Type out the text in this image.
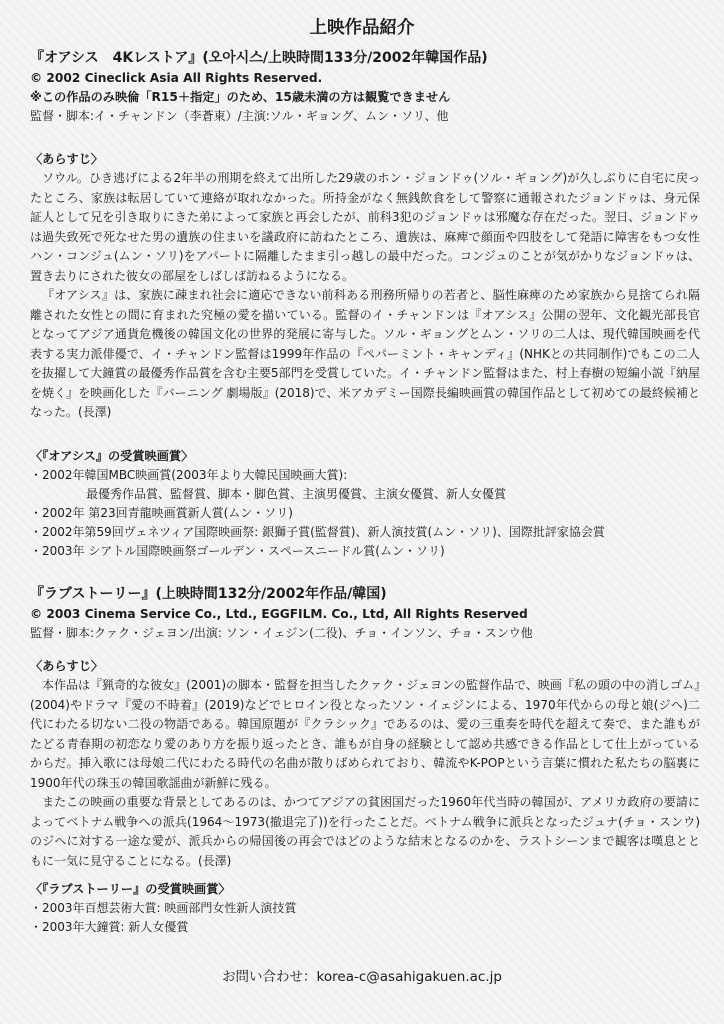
上映作品紹介
『オアシス　4Kレストア』(오아시스/上映時間133分/2002年韓国作品)
© 2002 Cineclick Asia All Rights Reserved.
※この作品のみ映倫「R15＋指定」のため、15歳未満の方は観覧できません
監督・脚本:イ・チャンドン（李蒼東）/主演:ソル・ギョング、ムン・ソリ、他
〈あらすじ〉
ソウル。ひき逃げによる2年半の刑期を終えて出所した29歳のホン・ジョンドゥ(ソル・ギョング)が久しぶりに自宅に戻ったところ、家族は転居していて連絡が取れなかった。所持金がなく無銭飲食をして警察に通報されたジョンドゥは、身元保証人として兄を引き取りにきた弟によって家族と再会したが、前科3犯のジョンドゥは邪魔な存在だった。翌日、ジョンドゥは過失致死で死なせた男の遺族の住まいを議政府に訪ねたところ、遺族は、麻痺で顔面や四肢をして発語に障害をもつ女性ハン・コンジュ(ムン・ソリ)をアパートに隔離したまま引っ越しの最中だった。コンジュのことが気がかりなジョンドゥは、置き去りにされた彼女の部屋をしばしば訪ねるようになる。
『オアシス』は、家族に疎まれ社会に適応できない前科ある刑務所帰りの若者と、脳性麻痺のため家族から見捨てられ隔離された女性との間に育まれた究極の愛を描いている。監督のイ・チャンドンは『オアシス』公開の翌年、文化観光部長官となってアジア通貨危機後の韓国文化の世界的発展に寄与した。ソル・ギョングとムン・ソリの二人は、現代韓国映画を代表する実力派俳優で、イ・チャンドン監督は1999年作品の『ペパーミント・キャンディ』(NHKとの共同制作)でもこの二人を抜擢して大鐘賞の最優秀作品賞を含む主要5部門を受賞していた。イ・チャンドン監督はまた、村上春樹の短編小説『納屋を焼く』を映画化した『バーニング 劇場版』(2018)で、米アカデミー国際長編映画賞の韓国作品として初めての最終候補となった。(長澤)
〈『オアシス』の受賞映画賞〉
・2002年韓国MBC映画賞(2003年より大韓民国映画大賞):
最優秀作品賞、監督賞、脚本・脚色賞、主演男優賞、主演女優賞、新人女優賞
・2002年 第23回青龍映画賞新人賞(ムン・ソリ)
・2002年第59回ヴェネツィア国際映画祭: 銀獅子賞(監督賞)、新人演技賞(ムン・ソリ)、国際批評家協会賞
・2003年 シアトル国際映画祭ゴールデン・スペースニードル賞(ムン・ソリ)
『ラブストーリー』(上映時間132分/2002年作品/韓国)
© 2003 Cinema Service Co., Ltd., EGGFILM. Co., Ltd, All Rights Reserved
監督・脚本:クァク・ジェヨン/出演: ソン・イェジン(二役)、チョ・インソン、チョ・スンウ他
〈あらすじ〉
本作品は『猟奇的な彼女』(2001)の脚本・監督を担当したクァク・ジェヨンの監督作品で、映画『私の頭の中の消しゴム』(2004)やドラマ『愛の不時着』(2019)などでヒロイン役となったソン・イェジンによる、1970年代からの母と娘(ジヘ)二代にわたる切ない二役の物語である。韓国原題が『クラシック』であるのは、愛の三重奏を時代を超えて奏で、また誰もがたどる青春期の初恋なり愛のあり方を振り返ったとき、誰もが自身の経験として認め共感できる作品として仕上がっているからだ。挿入歌には母娘二代にわたる時代の名曲が散りばめられており、韓流やK-POPという言葉に慣れた私たちの脳裏に1900年代の珠玉の韓国歌謡曲が新鮮に残る。
またこの映画の重要な背景としてあるのは、かつてアジアの貧困国だった1960年代当時の韓国が、アメリカ政府の要請によってベトナム戦争への派兵(1964〜1973(撤退完了))を行ったことだ。ベトナム戦争に派兵となったジュナ(チョ・スンウ)のジヘに対する一途な愛が、派兵からの帰国後の再会ではどのような結末となるのかを、ラストシーンまで観客は嘆息とともに一気に見守ることになる。(長澤)
〈『ラブストーリー』の受賞映画賞〉
・2003年百想芸術大賞: 映画部門女性新人演技賞
・2003年大鐘賞: 新人女優賞
お問い合わせ：korea-c@asahigakuen.ac.jp
